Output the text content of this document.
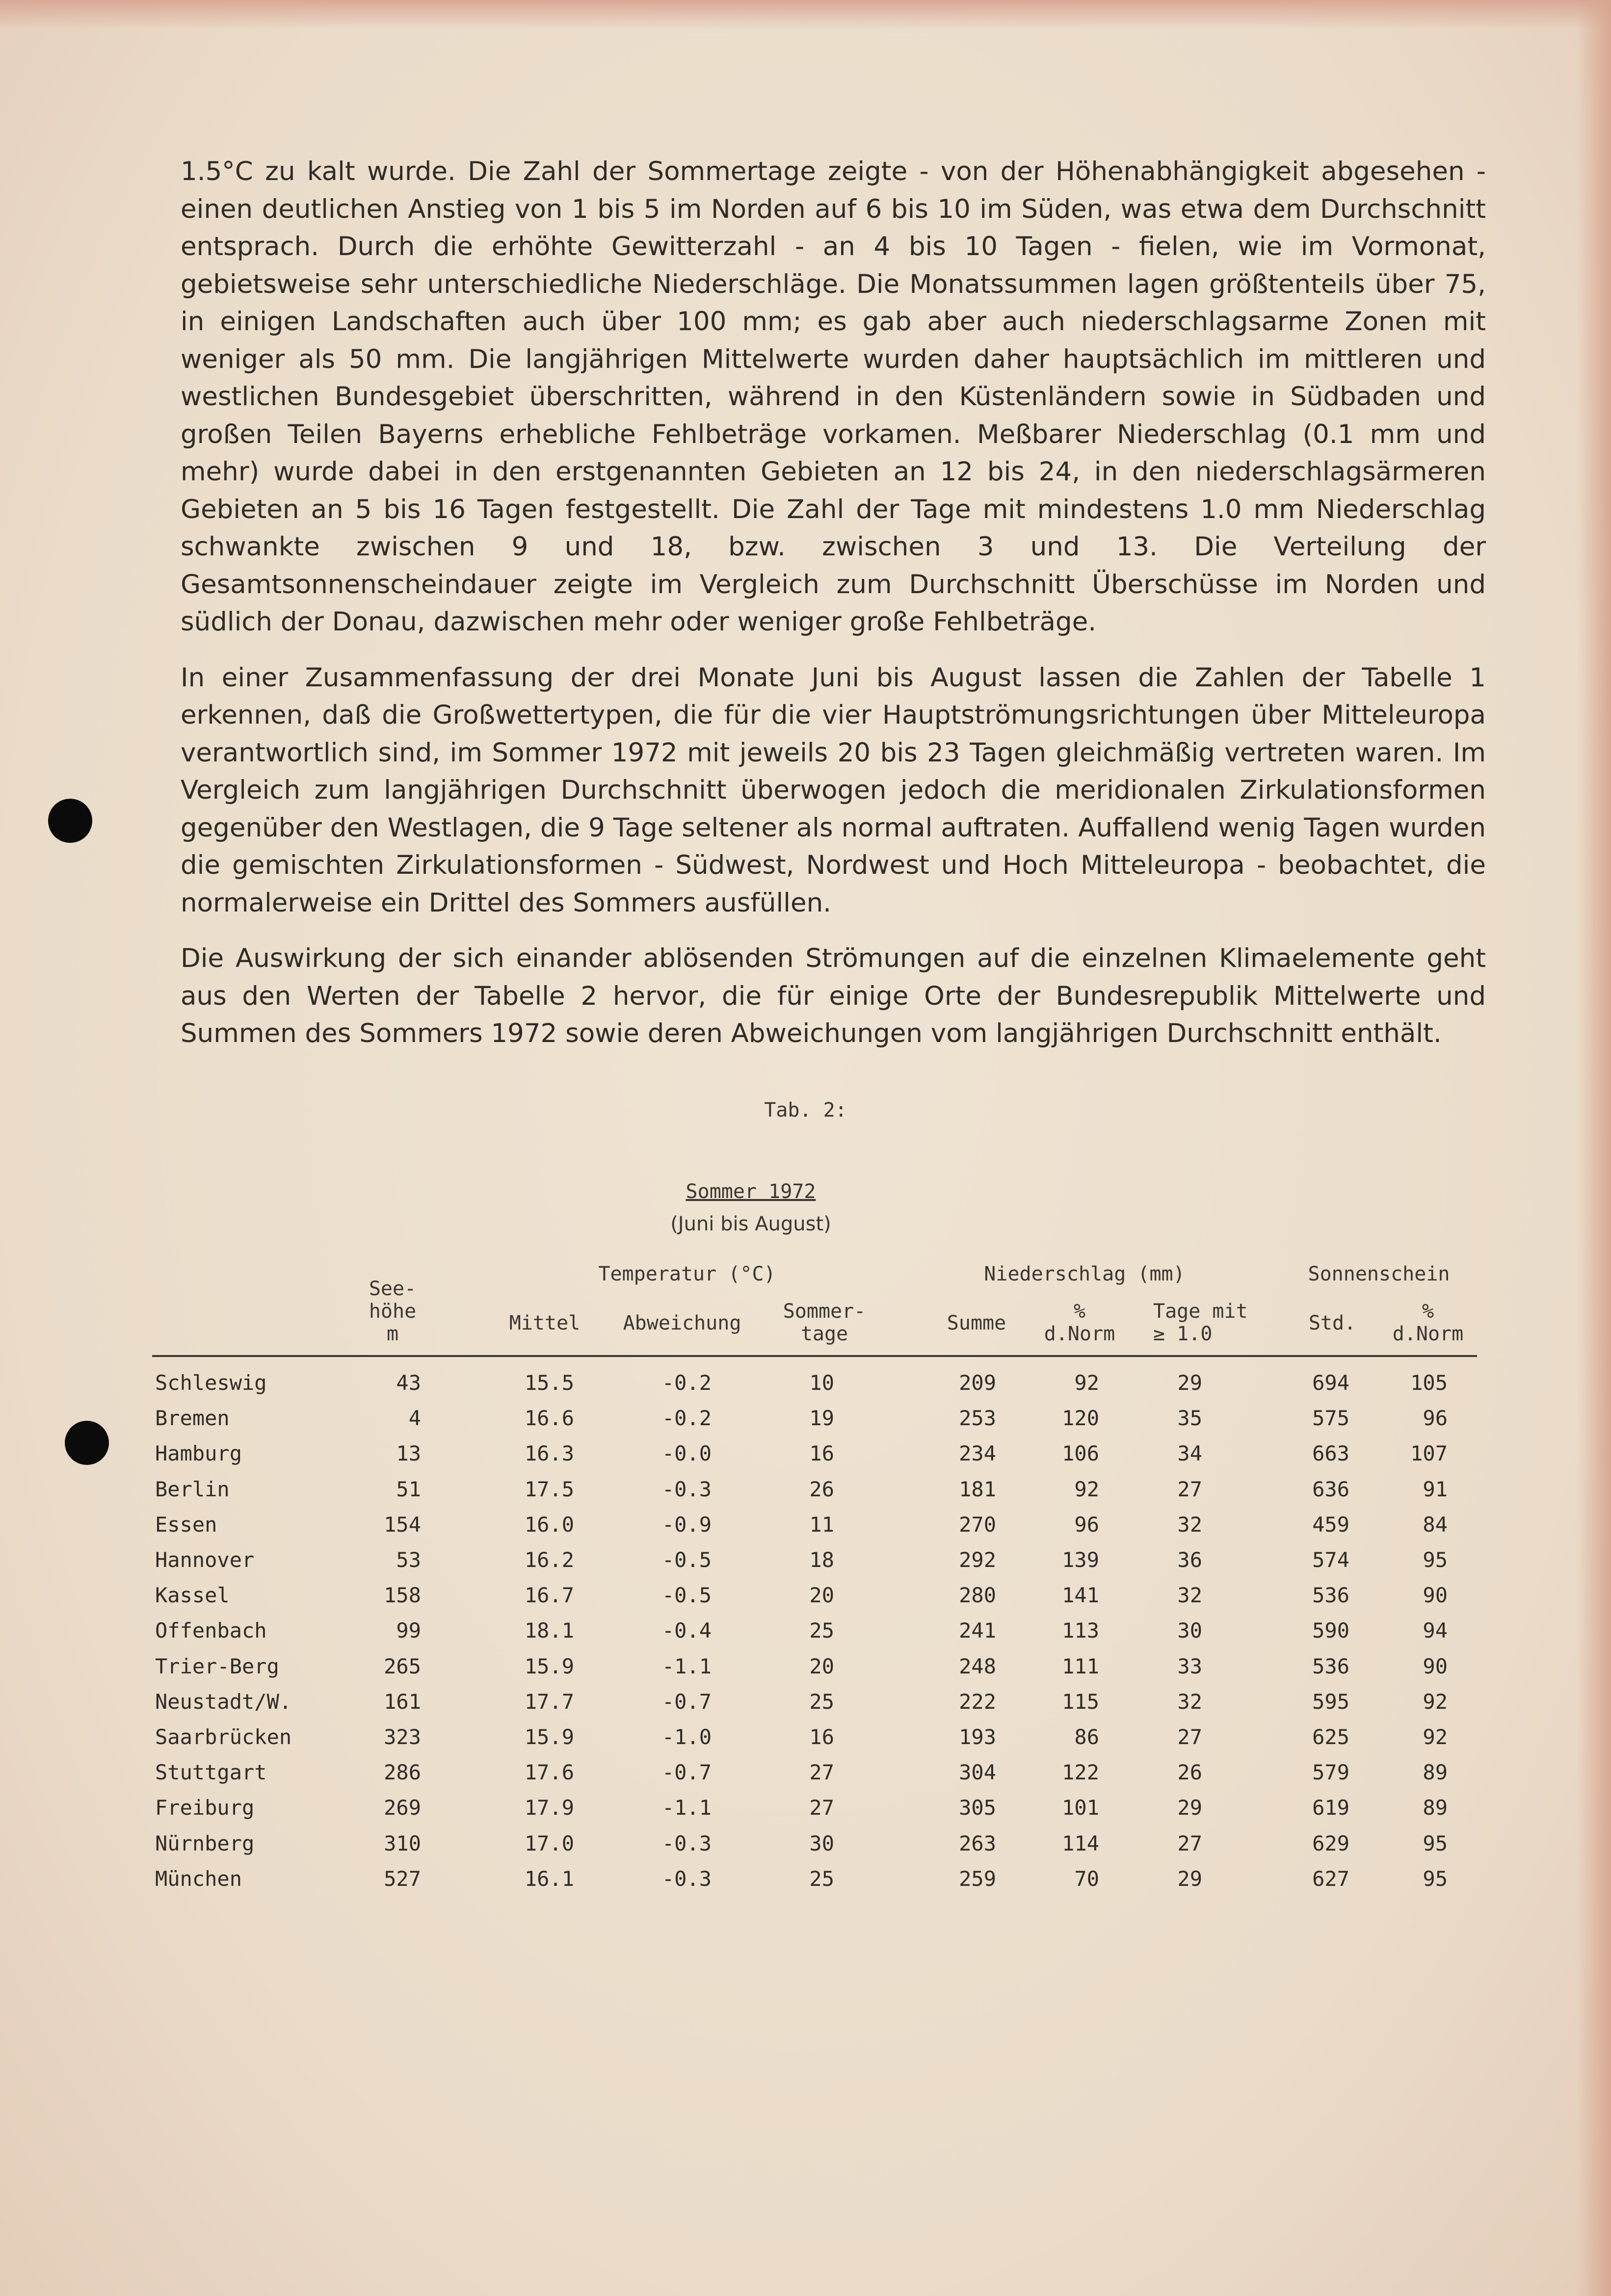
1.5°C zu kalt wurde. Die Zahl der Sommertage zeigte - von der Höhenabhängigkeit abgesehen - einen deutlichen Anstieg von 1 bis 5 im Norden auf 6 bis 10 im Süden, was etwa dem Durchschnitt entsprach. Durch die erhöhte Gewitterzahl - an 4 bis 10 Tagen - fielen, wie im Vormonat, gebietsweise sehr unterschiedliche Niederschläge. Die Monatssummen lagen größtenteils über 75, in einigen Landschaften auch über 100 mm; es gab aber auch niederschlagsarme Zonen mit weniger als 50 mm. Die langjährigen Mittelwerte wurden daher hauptsächlich im mittleren und westlichen Bundesgebiet überschritten, während in den Küstenländern sowie in Südbaden und großen Teilen Bayerns erhebliche Fehlbeträge vorkamen. Meßbarer Niederschlag (0.1 mm und mehr) wurde dabei in den erstgenannten Gebieten an 12 bis 24, in den niederschlagsärmeren Gebieten an 5 bis 16 Tagen festgestellt. Die Zahl der Tage mit mindestens 1.0 mm Niederschlag schwankte zwischen 9 und 18, bzw. zwischen 3 und 13. Die Verteilung der Gesamtsonnenscheindauer zeigte im Vergleich zum Durchschnitt Überschüsse im Norden und südlich der Donau, dazwischen mehr oder weniger große Fehlbeträge.

In einer Zusammenfassung der drei Monate Juni bis August lassen die Zahlen der Tabelle 1 erkennen, daß die Großwettertypen, die für die vier Hauptströmungsrichtungen über Mitteleuropa verantwortlich sind, im Sommer 1972 mit jeweils 20 bis 23 Tagen gleichmäßig vertreten waren. Im Vergleich zum langjährigen Durchschnitt überwogen jedoch die meridionalen Zirkulationsformen gegenüber den Westlagen, die 9 Tage seltener als normal auftraten. Auffallend wenig Tagen wurden die gemischten Zirkulationsformen - Südwest, Nordwest und Hoch Mitteleuropa - beobachtet, die normalerweise ein Drittel des Sommers ausfüllen.

Die Auswirkung der sich einander ablösenden Strömungen auf die einzelnen Klimaelemente geht aus den Werten der Tabelle 2 hervor, die für einige Orte der Bundesrepublik Mittelwerte und Summen des Sommers 1972 sowie deren Abweichungen vom langjährigen Durchschnitt enthält.

Tab. 2:
Sommer 1972
(Juni bis August)
Temperatur (°C)	Niederschlag (mm)	Sonnenschein
See-
höhe
m	Mittel	Abweichung
Sommer-
tage	Summe
%
d.Norm
Tage mit
≥ 1.0	Std.
%
d.Norm
Schleswig	43	15.5	-0.2	10	209	92	29	694	105
Bremen	4	16.6	-0.2	19	253	120	35	575	96
Hamburg	13	16.3	-0.0	16	234	106	34	663	107
Berlin	51	17.5	-0.3	26	181	92	27	636	91
Essen	154	16.0	-0.9	11	270	96	32	459	84
Hannover	53	16.2	-0.5	18	292	139	36	574	95
Kassel	158	16.7	-0.5	20	280	141	32	536	90
Offenbach	99	18.1	-0.4	25	241	113	30	590	94
Trier-Berg	265	15.9	-1.1	20	248	111	33	536	90
Neustadt/W.	161	17.7	-0.7	25	222	115	32	595	92
Saarbrücken	323	15.9	-1.0	16	193	86	27	625	92
Stuttgart	286	17.6	-0.7	27	304	122	26	579	89
Freiburg	269	17.9	-1.1	27	305	101	29	619	89
Nürnberg	310	17.0	-0.3	30	263	114	27	629	95
München	527	16.1	-0.3	25	259	70	29	627	95
